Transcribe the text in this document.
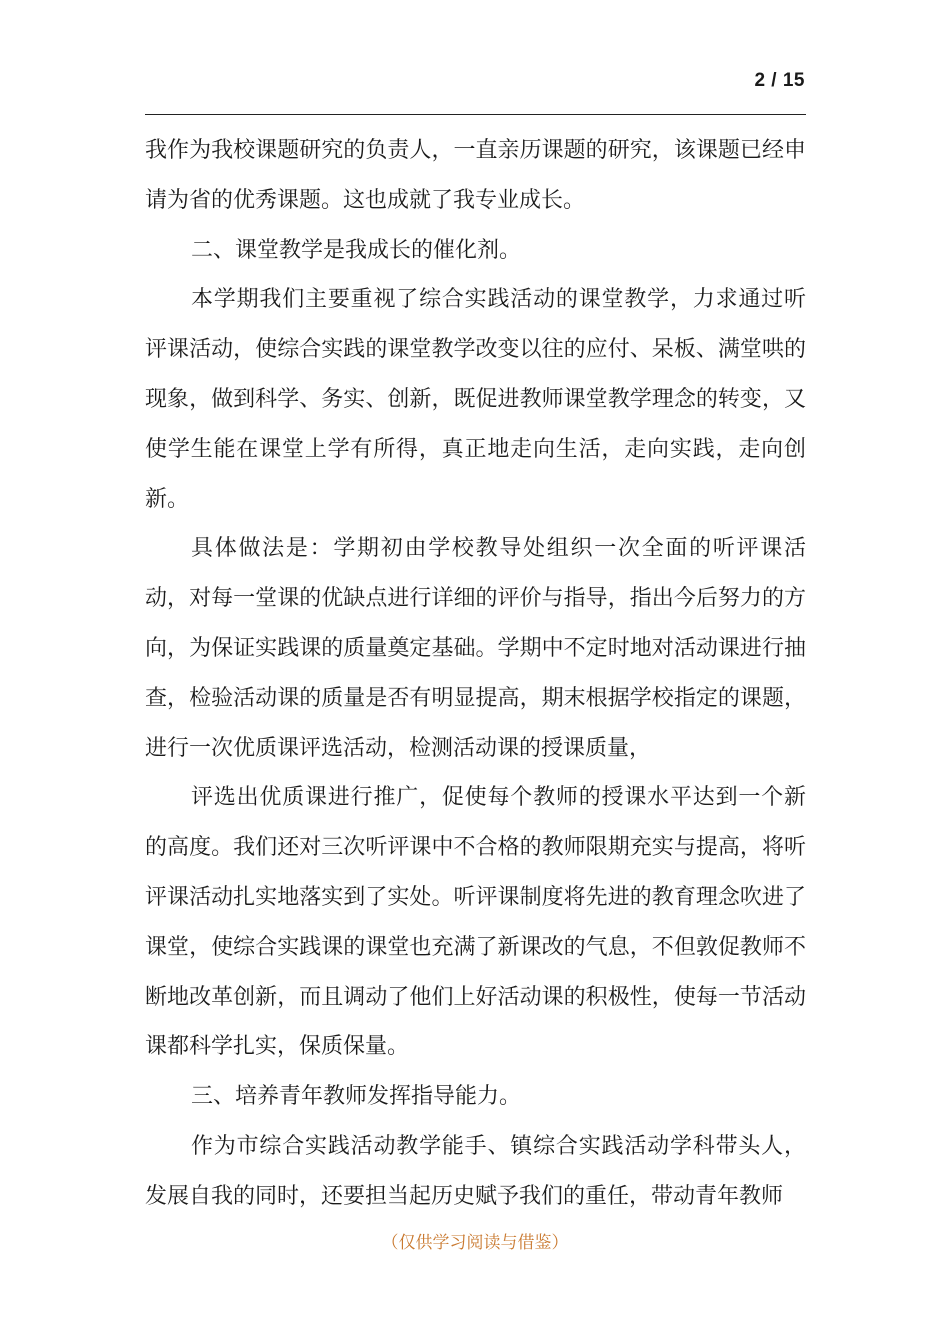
2 / 15

我作为我校课题研究的负责人，一直亲历课题的研究，该课题已经申请为省的优秀课题。这也成就了我专业成长。

二、课堂教学是我成长的催化剂。

本学期我们主要重视了综合实践活动的课堂教学，力求通过听评课活动，使综合实践的课堂教学改变以往的应付、呆板、满堂哄的现象，做到科学、务实、创新，既促进教师课堂教学理念的转变，又使学生能在课堂上学有所得，真正地走向生活，走向实践，走向创新。

具体做法是：学期初由学校教导处组织一次全面的听评课活动，对每一堂课的优缺点进行详细的评价与指导，指出今后努力的方向，为保证实践课的质量奠定基础。学期中不定时地对活动课进行抽查，检验活动课的质量是否有明显提高，期末根据学校指定的课题，进行一次优质课评选活动，检测活动课的授课质量，

评选出优质课进行推广，促使每个教师的授课水平达到一个新的高度。我们还对三次听评课中不合格的教师限期充实与提高，将听评课活动扎实地落实到了实处。听评课制度将先进的教育理念吹进了课堂，使综合实践课的课堂也充满了新课改的气息，不但敦促教师不断地改革创新，而且调动了他们上好活动课的积极性，使每一节活动课都科学扎实，保质保量。

三、培养青年教师发挥指导能力。

作为市综合实践活动教学能手、镇综合实践活动学科带头人，发展自我的同时，还要担当起历史赋予我们的重任，带动青年教师

（仅供学习阅读与借鉴）
